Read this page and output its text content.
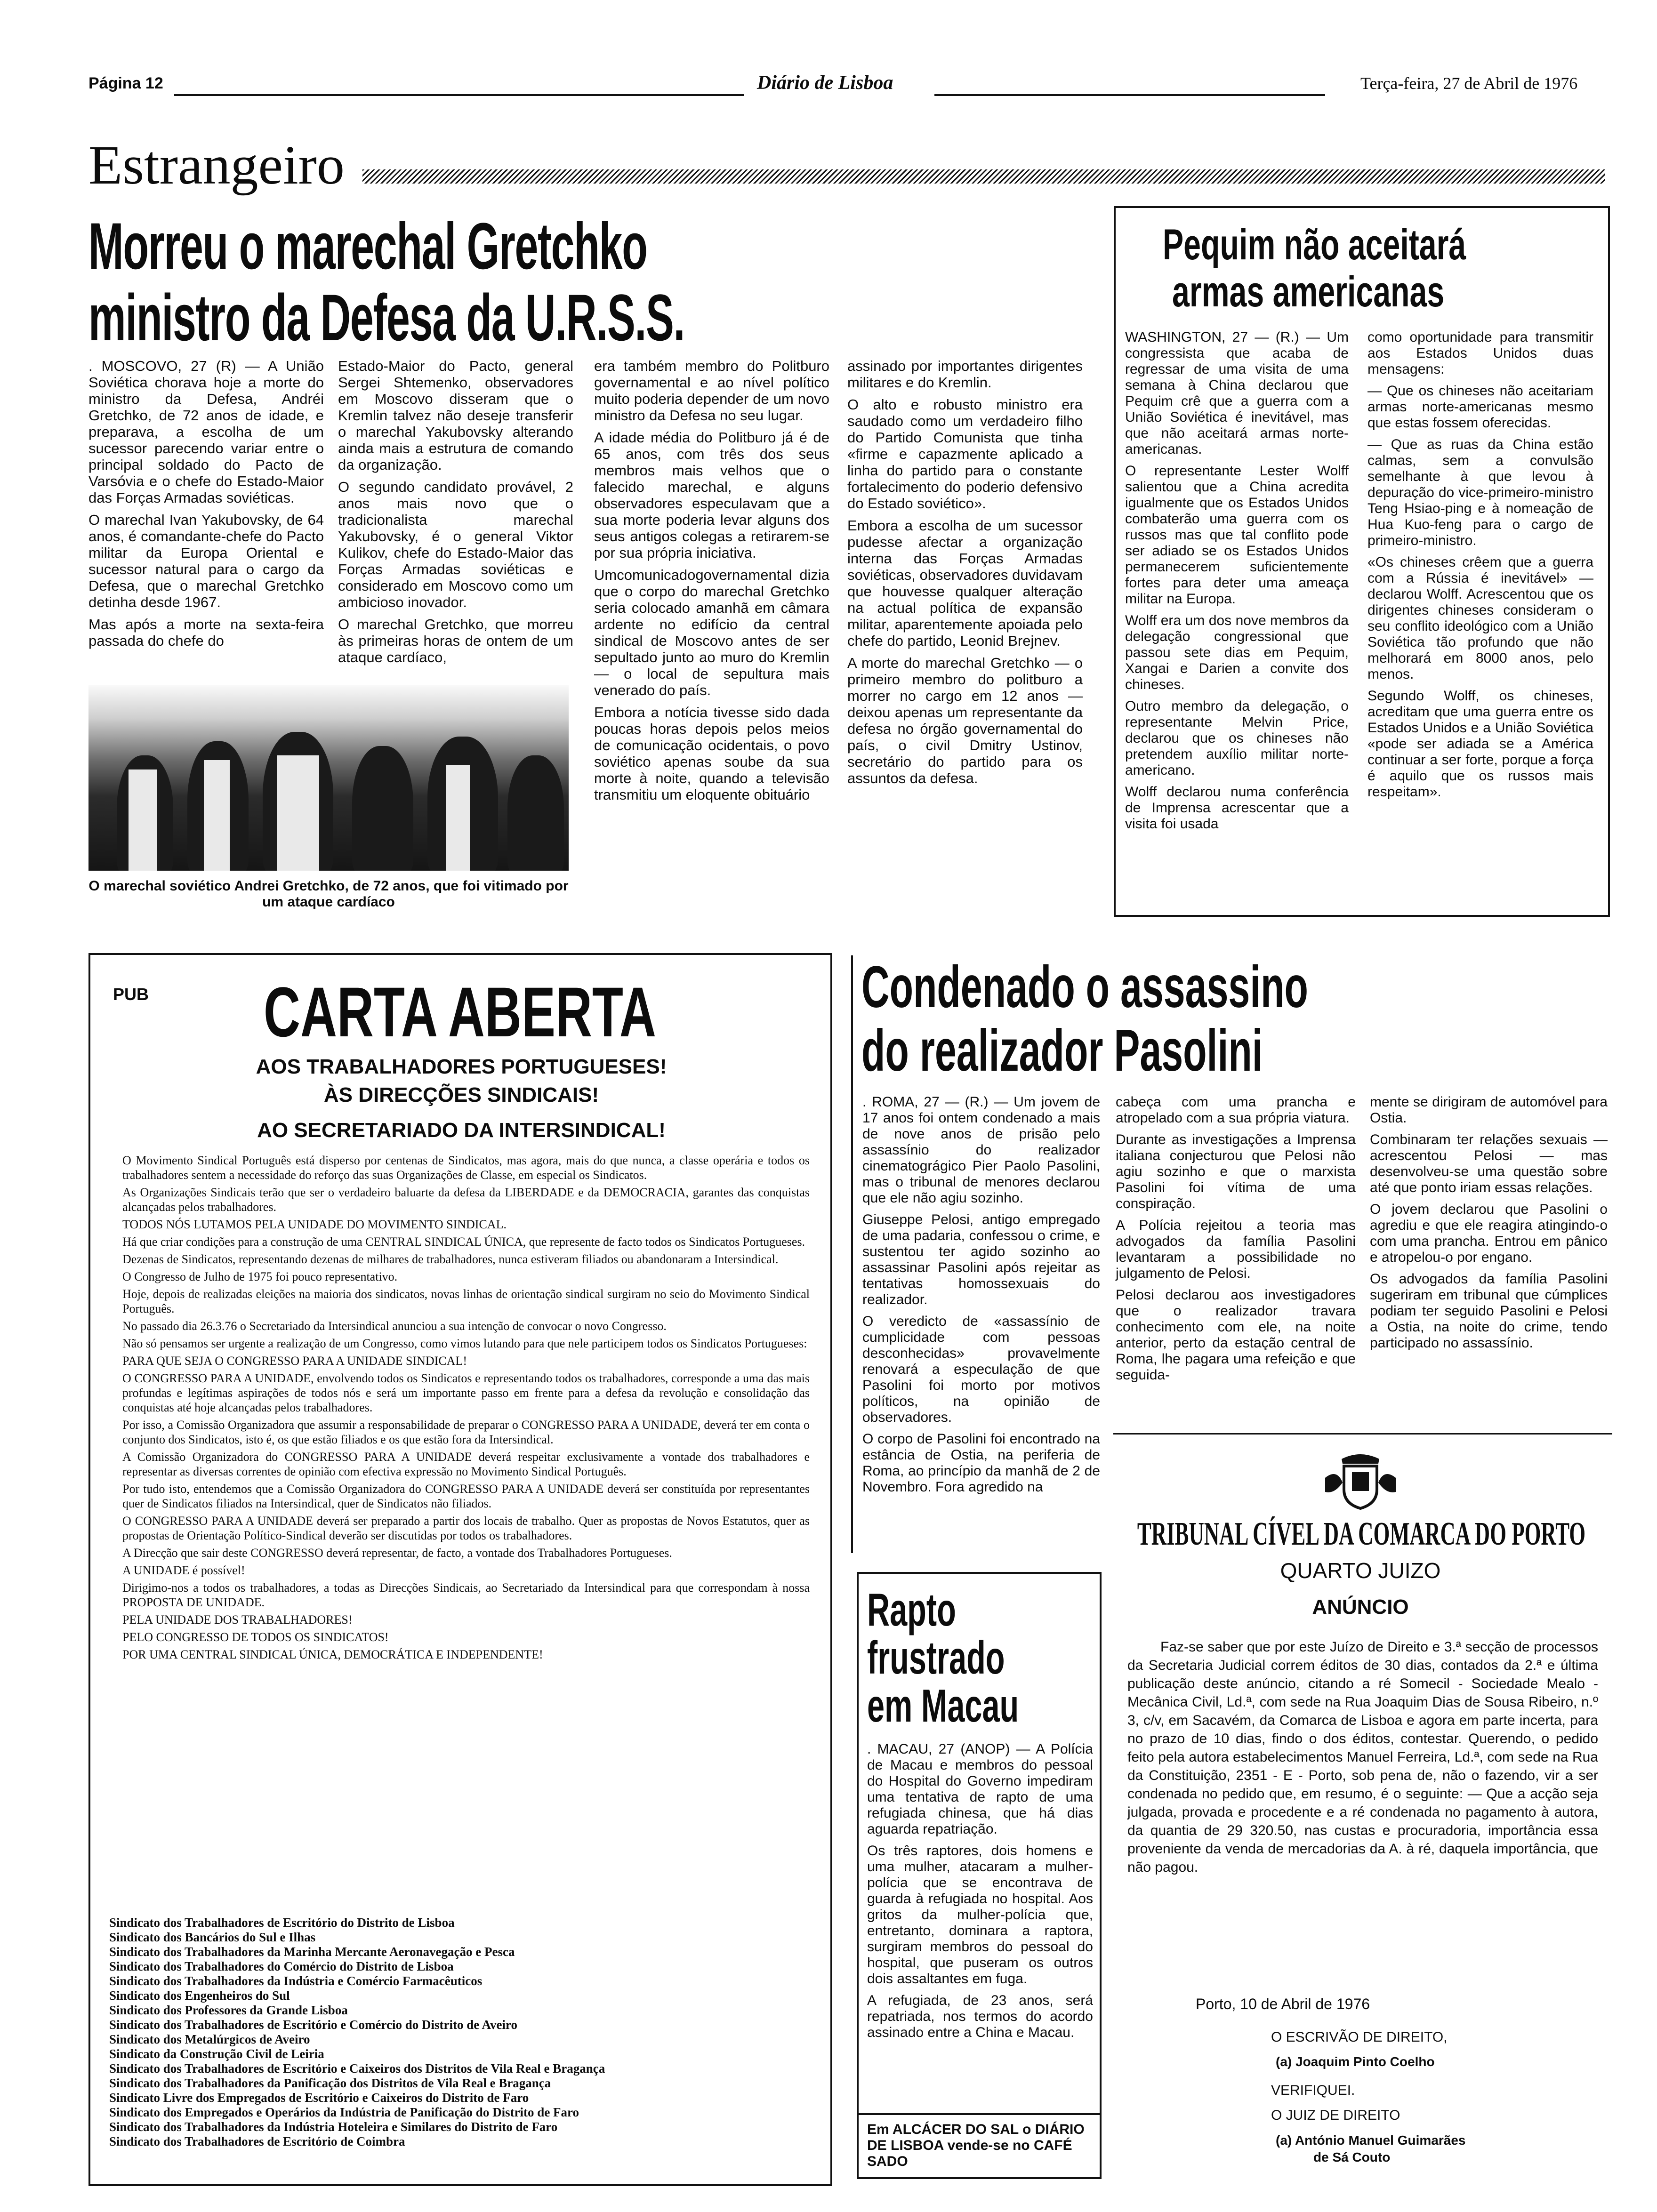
Página 12	Diário de Lisboa	Terça-feira, 27 de Abril de 1976
Estrangeiro
Morreu o marechal Gretchko
ministro da Defesa da U.R.S.S.

. MOSCOVO, 27 (R) — A União Soviética chorava hoje a morte do ministro da Defesa, Andréi Gretchko, de 72 anos de idade, e preparava, a escolha de um sucessor parecendo variar entre o principal soldado do Pacto de Varsóvia e o chefe do Estado-Maior das Forças Armadas soviéticas.

O marechal Ivan Yakubovsky, de 64 anos, é comandante-chefe do Pacto militar da Europa Oriental e sucessor natural para o cargo da Defesa, que o marechal Gretchko detinha desde 1967.

Mas após a morte na sexta-feira passada do chefe do

Estado-Maior do Pacto, general Sergei Shtemenko, observadores em Moscovo disseram que o Kremlin talvez não deseje transferir o marechal Yakubovsky alterando ainda mais a estrutura de comando da organização.

O segundo candidato provável, 2 anos mais novo que o tradicionalista marechal Yakubovsky, é o general Viktor Kulikov, chefe do Estado-Maior das Forças Armadas soviéticas e considerado em Moscovo como um ambicioso inovador.

O marechal Gretchko, que morreu às primeiras horas de ontem de um ataque cardíaco,

era também membro do Politburo governamental e ao nível político muito poderia depender de um novo ministro da Defesa no seu lugar.

A idade média do Politburo já é de 65 anos, com três dos seus membros mais velhos que o falecido marechal, e alguns observadores especulavam que a sua morte poderia levar alguns dos seus antigos colegas a retirarem-se por sua própria iniciativa.

Umcomunicadogovernamental dizia que o corpo do marechal Gretchko seria colocado amanhã em câmara ardente no edifício da central sindical de Moscovo antes de ser sepultado junto ao muro do Kremlin — o local de sepultura mais venerado do país.

Embora a notícia tivesse sido dada poucas horas depois pelos meios de comunicação ocidentais, o povo soviético apenas soube da sua morte à noite, quando a televisão transmitiu um eloquente obituário

assinado por importantes dirigentes militares e do Kremlin.

O alto e robusto ministro era saudado como um verdadeiro filho do Partido Comunista que tinha «firme e capazmente aplicado a linha do partido para o constante fortalecimento do poderio defensivo do Estado soviético».

Embora a escolha de um sucessor pudesse afectar a organização interna das Forças Armadas soviéticas, observadores duvidavam que houvesse qualquer alteração na actual política de expansão militar, aparentemente apoiada pelo chefe do partido, Leonid Brejnev.

A morte do marechal Gretchko — o primeiro membro do politburo a morrer no cargo em 12 anos — deixou apenas um representante da defesa no órgão governamental do país, o civil Dmitry Ustinov, secretário do partido para os assuntos da defesa.

O marechal soviético Andrei Gretchko, de 72 anos, que foi vitimado por um ataque cardíaco
Pequim não aceitará
armas americanas

WASHINGTON, 27 — (R.) — Um congressista que acaba de regressar de uma visita de uma semana à China declarou que Pequim crê que a guerra com a União Soviética é inevitável, mas que não aceitará armas norte-americanas.

O representante Lester Wolff salientou que a China acredita igualmente que os Estados Unidos combaterão uma guerra com os russos mas que tal conflito pode ser adiado se os Estados Unidos permanecerem suficientemente fortes para deter uma ameaça militar na Europa.

Wolff era um dos nove membros da delegação congressional que passou sete dias em Pequim, Xangai e Darien a convite dos chineses.

Outro membro da delegação, o representante Melvin Price, declarou que os chineses não pretendem auxílio militar norte-americano.

Wolff declarou numa conferência de Imprensa acrescentar que a visita foi usada

como oportunidade para transmitir aos Estados Unidos duas mensagens:

— Que os chineses não aceitariam armas norte-americanas mesmo que estas fossem oferecidas.

— Que as ruas da China estão calmas, sem a convulsão semelhante à que levou à depuração do vice-primeiro-ministro Teng Hsiao-ping e à nomeação de Hua Kuo-feng para o cargo de primeiro-ministro.

«Os chineses crêem que a guerra com a Rússia é inevitável» — declarou Wolff. Acrescentou que os dirigentes chineses consideram o seu conflito ideológico com a União Soviética tão profundo que não melhorará em 8000 anos, pelo menos.

Segundo Wolff, os chineses, acreditam que uma guerra entre os Estados Unidos e a União Soviética «pode ser adiada se a América continuar a ser forte, porque a força é aquilo que os russos mais respeitam».

PUB CARTA ABERTA
AOS TRABALHADORES PORTUGUESES!
ÀS DIRECÇÕES SINDICAIS!
AO SECRETARIADO DA INTERSINDICAL!

O Movimento Sindical Português está disperso por centenas de Sindicatos, mas agora, mais do que nunca, a classe operária e todos os trabalhadores sentem a necessidade do reforço das suas Organizações de Classe, em especial os Sindicatos.

As Organizações Sindicais terão que ser o verdadeiro baluarte da defesa da LIBERDADE e da DEMOCRACIA, garantes das conquistas alcançadas pelos trabalhadores.

TODOS NÓS LUTAMOS PELA UNIDADE DO MOVIMENTO SINDICAL.

Há que criar condições para a construção de uma CENTRAL SINDICAL ÚNICA, que represente de facto todos os Sindicatos Portugueses.

Dezenas de Sindicatos, representando dezenas de milhares de trabalhadores, nunca estiveram filiados ou abandonaram a Intersindical.

O Congresso de Julho de 1975 foi pouco representativo.

Hoje, depois de realizadas eleições na maioria dos sindicatos, novas linhas de orientação sindical surgiram no seio do Movimento Sindical Português.

No passado dia 26.3.76 o Secretariado da Intersindical anunciou a sua intenção de convocar o novo Congresso.

Não só pensamos ser urgente a realização de um Congresso, como vimos lutando para que nele participem todos os Sindicatos Portugueses:

PARA QUE SEJA O CONGRESSO PARA A UNIDADE SINDICAL!

O CONGRESSO PARA A UNIDADE, envolvendo todos os Sindicatos e representando todos os trabalhadores, corresponde a uma das mais profundas e legítimas aspirações de todos nós e será um importante passo em frente para a defesa da revolução e consolidação das conquistas até hoje alcançadas pelos trabalhadores.

Por isso, a Comissão Organizadora que assumir a responsabilidade de preparar o CONGRESSO PARA A UNIDADE, deverá ter em conta o conjunto dos Sindicatos, isto é, os que estão filiados e os que estão fora da Intersindical.

A Comissão Organizadora do CONGRESSO PARA A UNIDADE deverá respeitar exclusivamente a vontade dos trabalhadores e representar as diversas correntes de opinião com efectiva expressão no Movimento Sindical Português.

Por tudo isto, entendemos que a Comissão Organizadora do CONGRESSO PARA A UNIDADE deverá ser constituída por representantes quer de Sindicatos filiados na Intersindical, quer de Sindicatos não filiados.

O CONGRESSO PARA A UNIDADE deverá ser preparado a partir dos locais de trabalho. Quer as propostas de Novos Estatutos, quer as propostas de Orientação Político-Sindical deverão ser discutidas por todos os trabalhadores.

A Direcção que sair deste CONGRESSO deverá representar, de facto, a vontade dos Trabalhadores Portugueses.

A UNIDADE é possível!

Dirigimo-nos a todos os trabalhadores, a todas as Direcções Sindicais, ao Secretariado da Intersindical para que correspondam à nossa PROPOSTA DE UNIDADE.

PELA UNIDADE DOS TRABALHADORES!

PELO CONGRESSO DE TODOS OS SINDICATOS!

POR UMA CENTRAL SINDICAL ÚNICA, DEMOCRÁTICA E INDEPENDENTE!

Sindicato dos Trabalhadores de Escritório do Distrito de Lisboa
Sindicato dos Bancários do Sul e Ilhas
Sindicato dos Trabalhadores da Marinha Mercante Aeronavegação e Pesca
Sindicato dos Trabalhadores do Comércio do Distrito de Lisboa
Sindicato dos Trabalhadores da Indústria e Comércio Farmacêuticos
Sindicato dos Engenheiros do Sul
Sindicato dos Professores da Grande Lisboa
Sindicato dos Trabalhadores de Escritório e Comércio do Distrito de Aveiro
Sindicato dos Metalúrgicos de Aveiro
Sindicato da Construção Civil de Leiria
Sindicato dos Trabalhadores de Escritório e Caixeiros dos Distritos de Vila Real e Bragança
Sindicato dos Trabalhadores da Panificação dos Distritos de Vila Real e Bragança
Sindicato Livre dos Empregados de Escritório e Caixeiros do Distrito de Faro
Sindicato dos Empregados e Operários da Indústria de Panificação do Distrito de Faro
Sindicato dos Trabalhadores da Indústria Hoteleira e Similares do Distrito de Faro
Sindicato dos Trabalhadores de Escritório de Coimbra
Condenado o assassino
do realizador Pasolini

. ROMA, 27 — (R.) — Um jovem de 17 anos foi ontem condenado a mais de nove anos de prisão pelo assassínio do realizador cinematográgico Pier Paolo Pasolini, mas o tribunal de menores declarou que ele não agiu sozinho.

Giuseppe Pelosi, antigo empregado de uma padaria, confessou o crime, e sustentou ter agido sozinho ao assassinar Pasolini após rejeitar as tentativas homossexuais do realizador.

O veredicto de «assassínio de cumplicidade com pessoas desconhecidas» provavelmente renovará a especulação de que Pasolini foi morto por motivos políticos, na opinião de observadores.

O corpo de Pasolini foi encontrado na estância de Ostia, na periferia de Roma, ao princípio da manhã de 2 de Novembro. Fora agredido na

cabeça com uma prancha e atropelado com a sua própria viatura.

Durante as investigações a Imprensa italiana conjecturou que Pelosi não agiu sozinho e que o marxista Pasolini foi vítima de uma conspiração.

A Polícia rejeitou a teoria mas advogados da família Pasolini levantaram a possibilidade no julgamento de Pelosi.

Pelosi declarou aos investigadores que o realizador travara conhecimento com ele, na noite anterior, perto da estação central de Roma, lhe pagara uma refeição e que seguida-

mente se dirigiram de automóvel para Ostia.

Combinaram ter relações sexuais — acrescentou Pelosi — mas desenvolveu-se uma questão sobre até que ponto iriam essas relações.

O jovem declarou que Pasolini o agrediu e que ele reagira atingindo-o com uma prancha. Entrou em pânico e atropelou-o por engano.

Os advogados da família Pasolini sugeriram em tribunal que cúmplices podiam ter seguido Pasolini e Pelosi a Ostia, na noite do crime, tendo participado no assassínio.

Rapto
frustrado
em Macau

. MACAU, 27 (ANOP) — A Polícia de Macau e membros do pessoal do Hospital do Governo impediram uma tentativa de rapto de uma refugiada chinesa, que há dias aguarda repatriação.

Os três raptores, dois homens e uma mulher, atacaram a mulher-polícia que se encontrava de guarda à refugiada no hospital. Aos gritos da mulher-polícia que, entretanto, dominara a raptora, surgiram membros do pessoal do hospital, que puseram os outros dois assaltantes em fuga.

A refugiada, de 23 anos, será repatriada, nos termos do acordo assinado entre a China e Macau.

Em ALCÁCER DO SAL o DIÁRIO DE LISBOA vende-se no CAFÉ SADO
TRIBUNAL CÍVEL DA COMARCA DO PORTO
QUARTO JUIZO
ANÚNCIO
Faz-se saber que por este Juízo de Direito e 3.ª secção de processos da Secretaria Judicial correm éditos de 30 dias, contados da 2.ª e última publicação deste anúncio, citando a ré Somecil - Sociedade Mealo - Mecânica Civil, Ld.ª, com sede na Rua Joaquim Dias de Sousa Ribeiro, n.º 3, c/v, em Sacavém, da Comarca de Lisboa e agora em parte incerta, para no prazo de 10 dias, findo o dos éditos, contestar. Querendo, o pedido feito pela autora estabelecimentos Manuel Ferreira, Ld.ª, com sede na Rua da Constituição, 2351 - E - Porto, sob pena de, não o fazendo, vir a ser condenada no pedido que, em resumo, é o seguinte: — Que a acção seja julgada, provada e procedente e a ré condenada no pagamento à autora, da quantia de 29 320.50, nas custas e procuradoria, importância essa proveniente da venda de mercadorias da A. à ré, daquela importância, que não pagou.
Porto, 10 de Abril de 1976
O ESCRIVÃO DE DIREITO,
(a) Joaquim Pinto Coelho
VERIFIQUEI.
O JUIZ DE DIREITO
(a) António Manuel Guimarães
de Sá Couto
